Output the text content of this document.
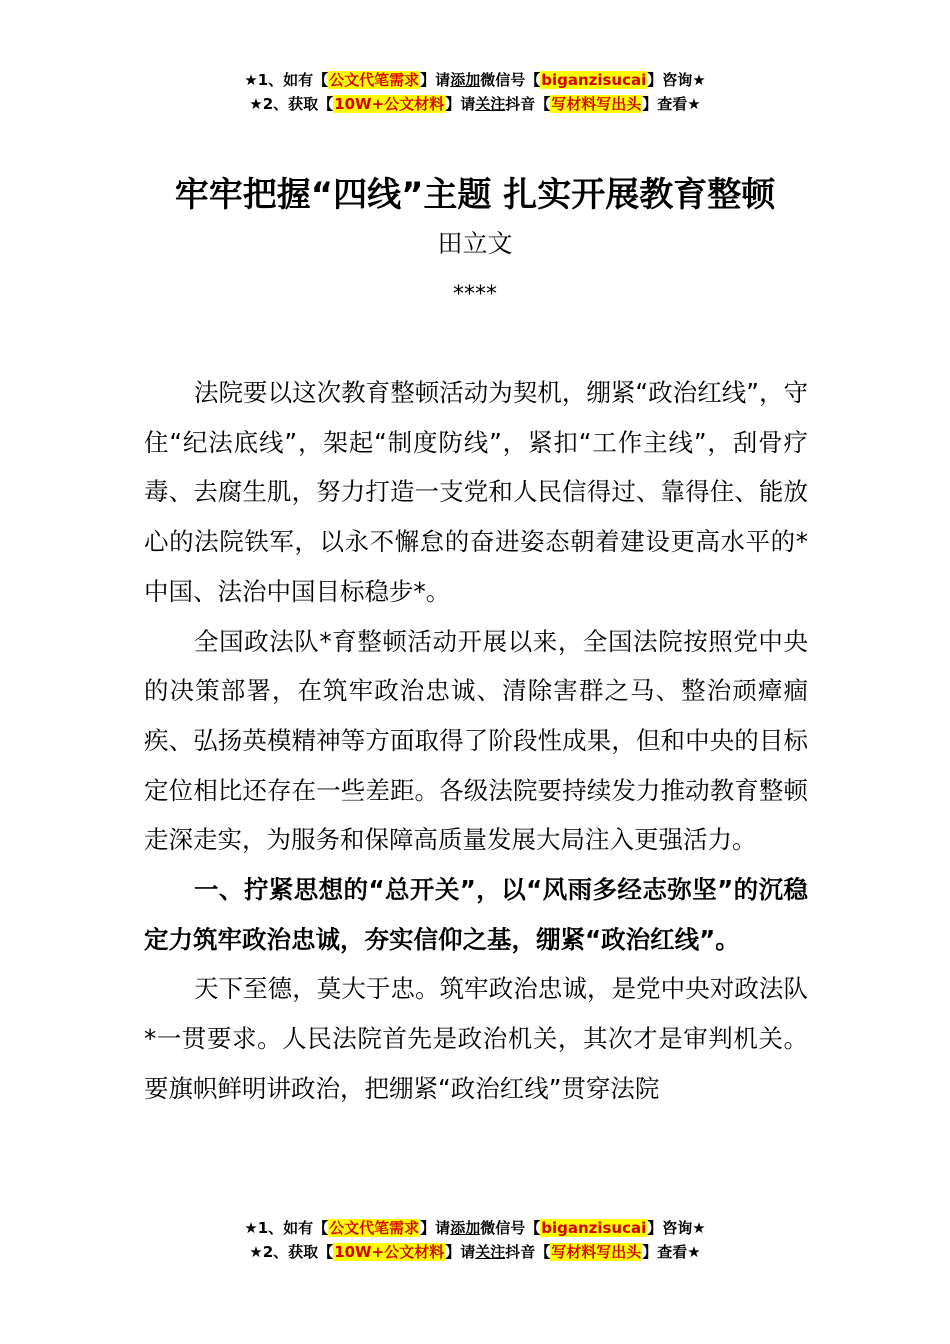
★1、如有【公文代笔需求】请添加微信号【biganzisucai】咨询★
★2、获取【10W+公文材料】请关注抖音【写材料写出头】查看★
牢牢把握“四线”主题 扎实开展教育整顿
田立文
****

法院要以这次教育整顿活动为契机，绷紧“政治红线”，守住“纪法底线”，架起“制度防线”，紧扣“工作主线”，刮骨疗毒、去腐生肌，努力打造一支党和人民信得过、靠得住、能放心的法院铁军，以永不懈怠的奋进姿态朝着建设更高水平的*中国、法治中国目标稳步*。

全国政法队*育整顿活动开展以来，全国法院按照党中央的决策部署，在筑牢政治忠诚、清除害群之马、整治顽瘴痼疾、弘扬英模精神等方面取得了阶段性成果，但和中央的目标定位相比还存在一些差距。各级法院要持续发力推动教育整顿走深走实，为服务和保障高质量发展大局注入更强活力。

一、拧紧思想的“总开关”，以“风雨多经志弥坚”的沉稳定力筑牢政治忠诚，夯实信仰之基，绷紧“政治红线”。

天下至德，莫大于忠。筑牢政治忠诚，是党中央对政法队*一贯要求。人民法院首先是政治机关，其次才是审判机关。要旗帜鲜明讲政治，把绷紧“政治红线”贯穿法院

★1、如有【公文代笔需求】请添加微信号【biganzisucai】咨询★
★2、获取【10W+公文材料】请关注抖音【写材料写出头】查看★
